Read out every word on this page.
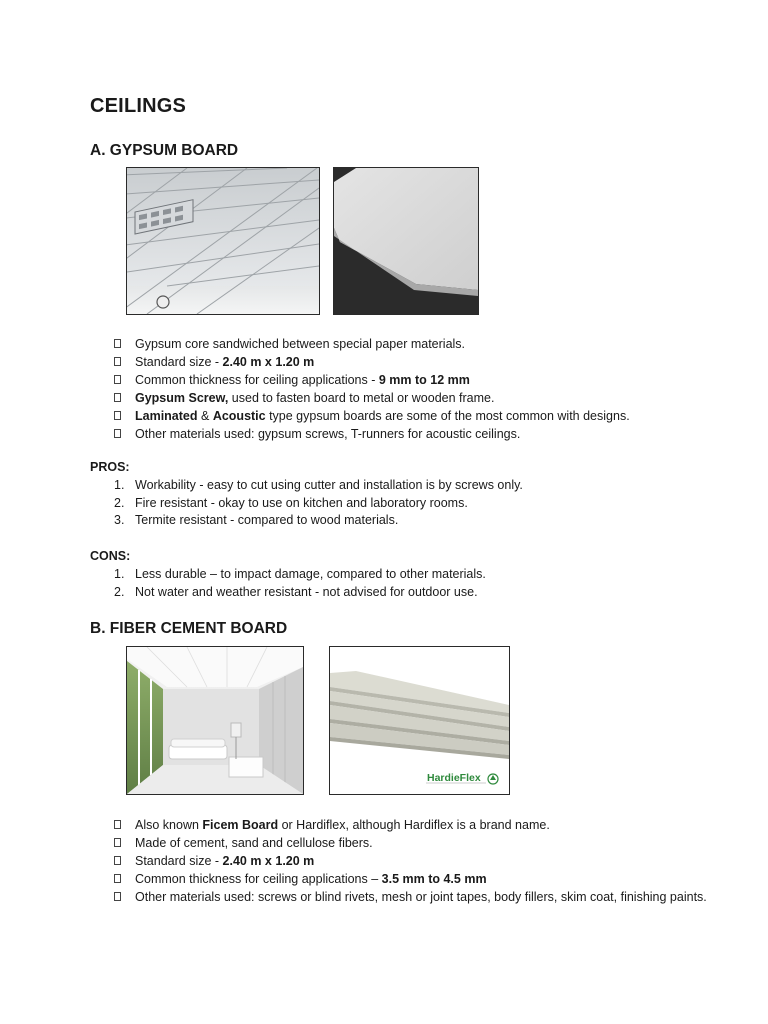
CEILINGS
A. GYPSUM BOARD
Gypsum core sandwiched between special paper materials.
Standard size - 2.40 m x 1.20 m
Common thickness for ceiling applications - 9 mm to 12 mm
Gypsum Screw, used to fasten board to metal or wooden frame.
Laminated & Acoustic type gypsum boards are some of the most common with designs.
Other materials used: gypsum screws, T-runners for acoustic ceilings.
PROS:
1. Workability - easy to cut using cutter and installation is by screws only.
2. Fire resistant - okay to use on kitchen and laboratory rooms.
3. Termite resistant - compared to wood materials.
CONS:
1. Less durable – to impact damage, compared to other materials.
2. Not water and weather resistant - not advised for outdoor use.
B. FIBER CEMENT BOARD
HardieFlex
Also known Ficem Board or Hardiflex, although Hardiflex is a brand name.
Made of cement, sand and cellulose fibers.
Standard size - 2.40 m x 1.20 m
Common thickness for ceiling applications – 3.5 mm to 4.5 mm
Other materials used: screws or blind rivets, mesh or joint tapes, body fillers, skim coat, finishing paints.
